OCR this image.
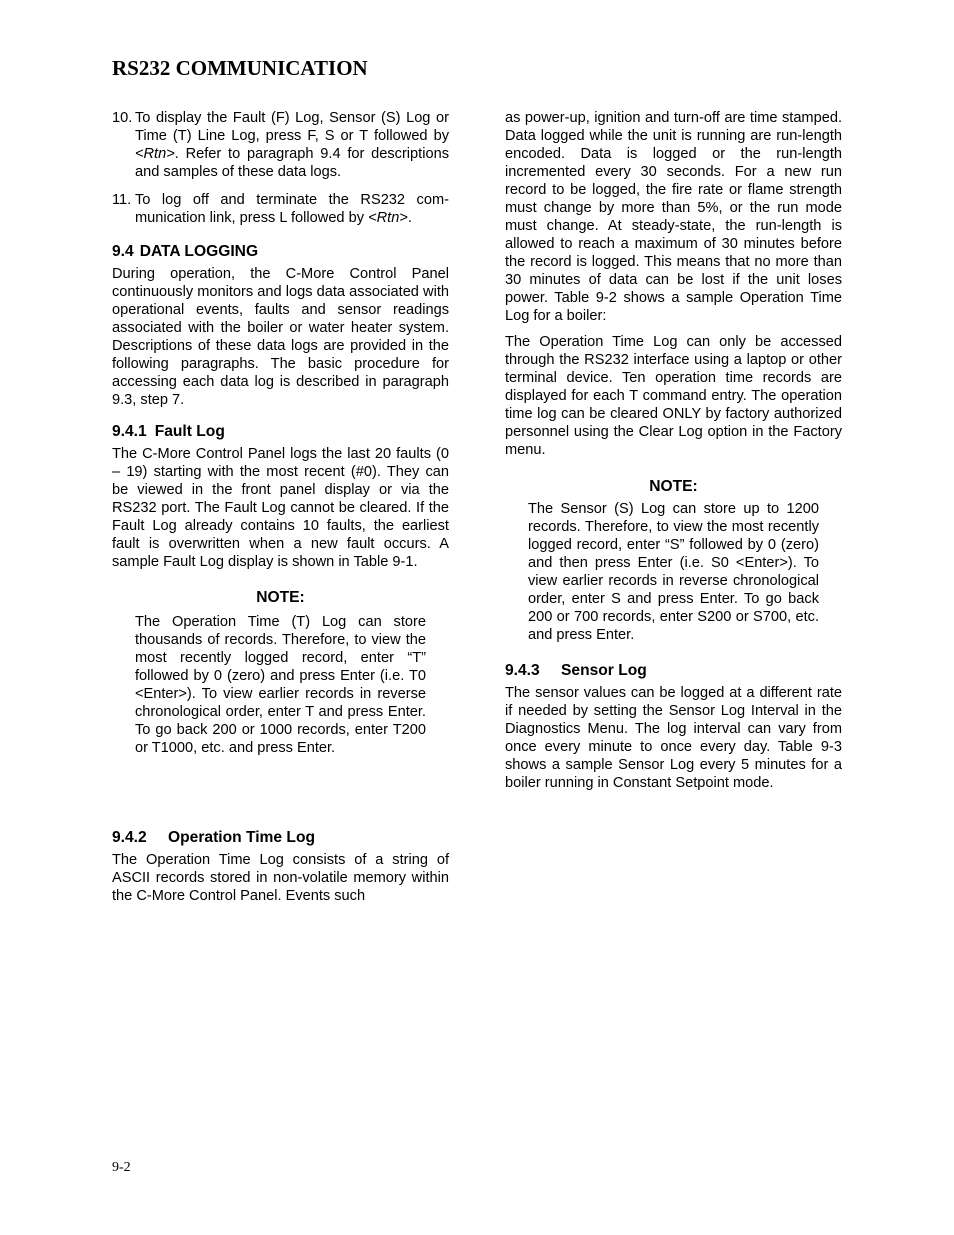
RS232 COMMUNICATION
10. To display the Fault (F) Log, Sensor (S) Log or Time (T) Line Log, press F, S or T followed by <Rtn>. Refer to paragraph 9.4 for descriptions and samples of these data logs.
11. To log off and terminate the RS232 com-munication link, press L followed by <Rtn>.
9.4 DATA LOGGING

During operation, the C-More Control Panel continuously monitors and logs data associated with operational events, faults and sensor readings associated with the boiler or water heater system. Descriptions of these data logs are provided in the following paragraphs. The basic procedure for accessing each data log is described in paragraph 9.3, step 7.

9.4.1 Fault Log

The C-More Control Panel logs the last 20 faults (0 – 19) starting with the most recent (#0). They can be viewed in the front panel display or via the RS232 port. The Fault Log cannot be cleared. If the Fault Log already contains 10 faults, the earliest fault is overwritten when a new fault occurs. A sample Fault Log display is shown in Table 9-1.

NOTE:

The Operation Time (T) Log can store thousands of records. Therefore, to view the most recently logged record, enter “T” followed by 0 (zero) and press Enter (i.e. T0 <Enter>). To view earlier records in reverse chronological order, enter T and press Enter. To go back 200 or 1000 records, enter T200 or T1000, etc. and press Enter.

9.4.2 Operation Time Log

The Operation Time Log consists of a string of ASCII records stored in non-volatile memory within the C-More Control Panel. Events such

as power-up, ignition and turn-off are time stamped. Data logged while the unit is running are run-length encoded. Data is logged or the run-length incremented every 30 seconds. For a new run record to be logged, the fire rate or flame strength must change by more than 5%, or the run mode must change. At steady-state, the run-length is allowed to reach a maximum of 30 minutes before the record is logged. This means that no more than 30 minutes of data can be lost if the unit loses power. Table 9-2 shows a sample Operation Time Log for a boiler:

The Operation Time Log can only be accessed through the RS232 interface using a laptop or other terminal device. Ten operation time records are displayed for each T command entry. The operation time log can be cleared ONLY by factory authorized personnel using the Clear Log option in the Factory menu.

NOTE:

The Sensor (S) Log can store up to 1200 records. Therefore, to view the most recently logged record, enter “S” followed by 0 (zero) and then press Enter (i.e. S0 <Enter>). To view earlier records in reverse chronological order, enter S and press Enter. To go back 200 or 700 records, enter S200 or S700, etc. and press Enter.

9.4.3 Sensor Log

The sensor values can be logged at a different rate if needed by setting the Sensor Log Interval in the Diagnostics Menu. The log interval can vary from once every minute to once every day. Table 9-3 shows a sample Sensor Log every 5 minutes for a boiler running in Constant Setpoint mode.

9-2
